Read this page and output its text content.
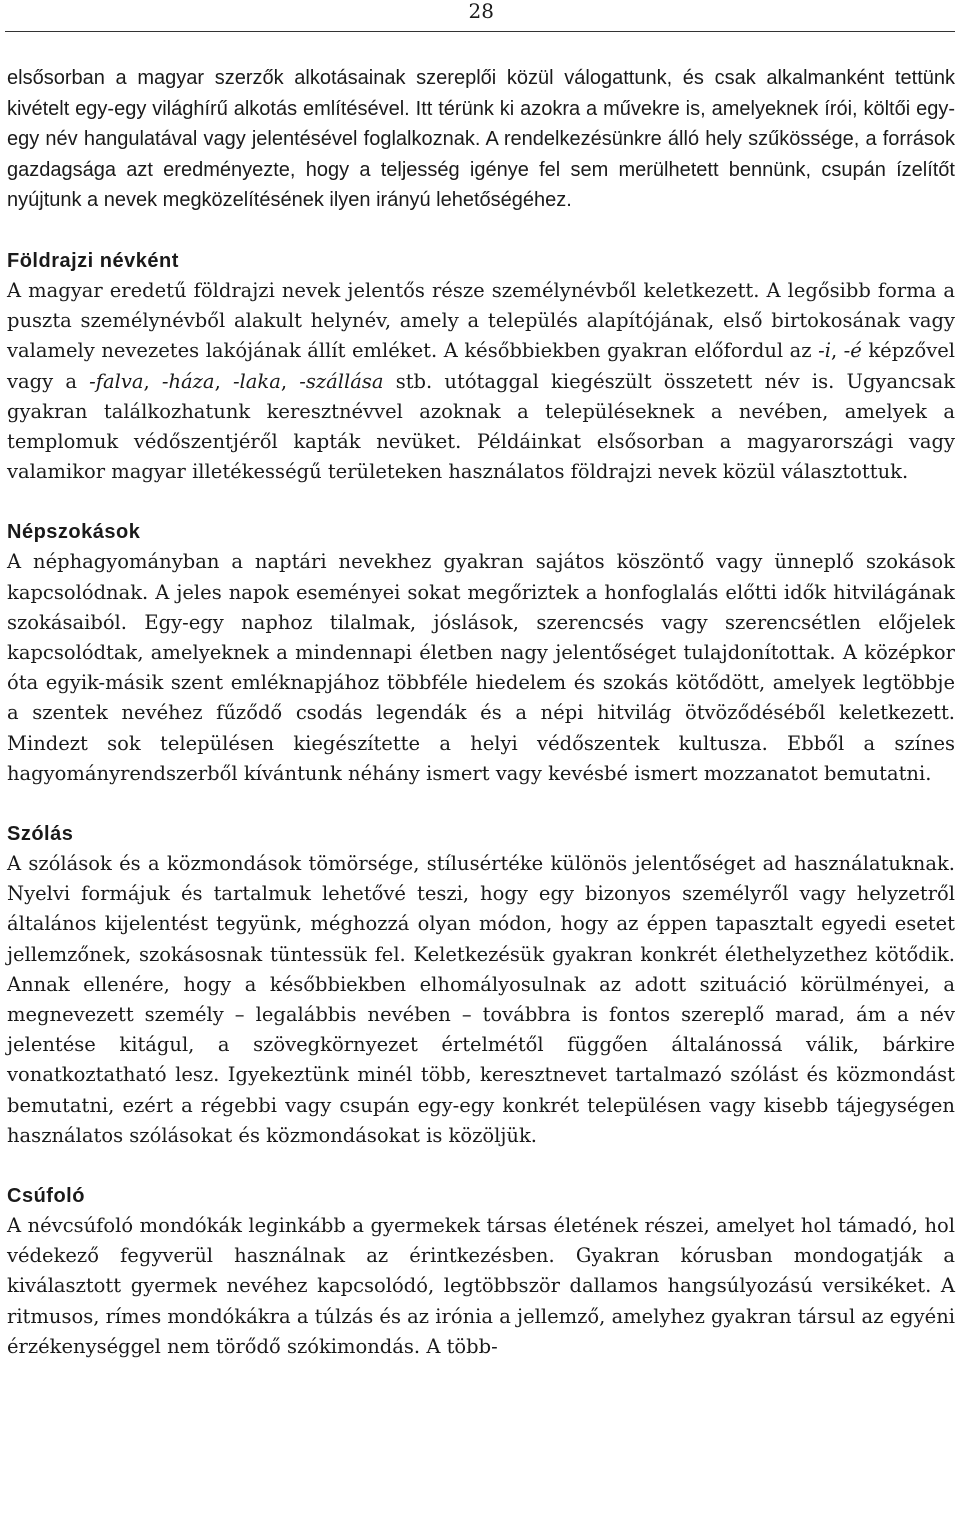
28

elsősorban a magyar szerzők alkotásainak szereplői közül válogattunk, és csak alkalmanként tettünk kivételt egy-egy világhírű alkotás említésével. Itt térünk ki azokra a művekre is, amelyeknek írói, költői egy-egy név hangulatával vagy jelentésével foglalkoznak. A rendelkezésünkre álló hely szűkössége, a források gazdagsága azt eredményezte, hogy a teljesség igénye fel sem merülhetett bennünk, csupán ízelítőt nyújtunk a nevek megközelítésének ilyen irányú lehetőségéhez.

Földrajzi névként

A magyar eredetű földrajzi nevek jelentős része személynévből keletkezett. A legősibb forma a puszta személynévből alakult helynév, amely a település alapítójának, első birtokosának vagy valamely nevezetes lakójának állít emléket. A későbbiekben gyakran előfordul az -i, -é képzővel vagy a -falva, -háza, -laka, -szállása stb. utótaggal kiegészült összetett név is. Ugyancsak gyakran találkozhatunk keresztnévvel azoknak a településeknek a nevében, amelyek a templomuk védőszentjéről kapták nevüket. Példáinkat elsősorban a magyarországi vagy valamikor magyar illetékességű területeken használatos földrajzi nevek közül választottuk.

Népszokások

A néphagyományban a naptári nevekhez gyakran sajátos köszöntő vagy ünneplő szokások kapcsolódnak. A jeles napok eseményei sokat megőriztek a honfoglalás előtti idők hitvilágának szokásaiból. Egy-egy naphoz tilalmak, jóslások, szerencsés vagy szerencsétlen előjelek kapcsolódtak, amelyeknek a mindennapi életben nagy jelentőséget tulajdonítottak. A középkor óta egyik-másik szent emléknapjához többféle hiedelem és szokás kötődött, amelyek legtöbbje a szentek nevéhez fűződő csodás legendák és a népi hitvilág ötvöződéséből keletkezett. Mindezt sok településen kiegészítette a helyi védőszentek kultusza. Ebből a színes hagyományrendszerből kívántunk néhány ismert vagy kevésbé ismert mozzanatot bemutatni.

Szólás

A szólások és a közmondások tömörsége, stílusértéke különös jelentőséget ad használatuknak. Nyelvi formájuk és tartalmuk lehetővé teszi, hogy egy bizonyos személyről vagy helyzetről általános kijelentést tegyünk, méghozzá olyan módon, hogy az éppen tapasztalt egyedi esetet jellemzőnek, szokásosnak tüntessük fel. Keletkezésük gyakran konkrét élethelyzethez kötődik. Annak ellenére, hogy a későbbiekben elhomályosulnak az adott szituáció körülményei, a megnevezett személy – legalábbis nevében – továbbra is fontos szereplő marad, ám a név jelentése kitágul, a szövegkörnyezet értelmétől függően általánossá válik, bárkire vonatkoztatható lesz. Igyekeztünk minél több, keresztnevet tartalmazó szólást és közmondást bemutatni, ezért a régebbi vagy csupán egy-egy konkrét településen vagy kisebb tájegységen használatos szólásokat és közmondásokat is közöljük.

Csúfoló

A névcsúfoló mondókák leginkább a gyermekek társas életének részei, amelyet hol támadó, hol védekező fegyverül használnak az érintkezésben. Gyakran kórusban mondogatják a kiválasztott gyermek nevéhez kapcsolódó, legtöbbször dallamos hangsúlyozású versikéket. A ritmusos, rímes mondókákra a túlzás és az irónia a jellemző, amelyhez gyakran társul az egyéni érzékenységgel nem törődő szókimondás. A több-
